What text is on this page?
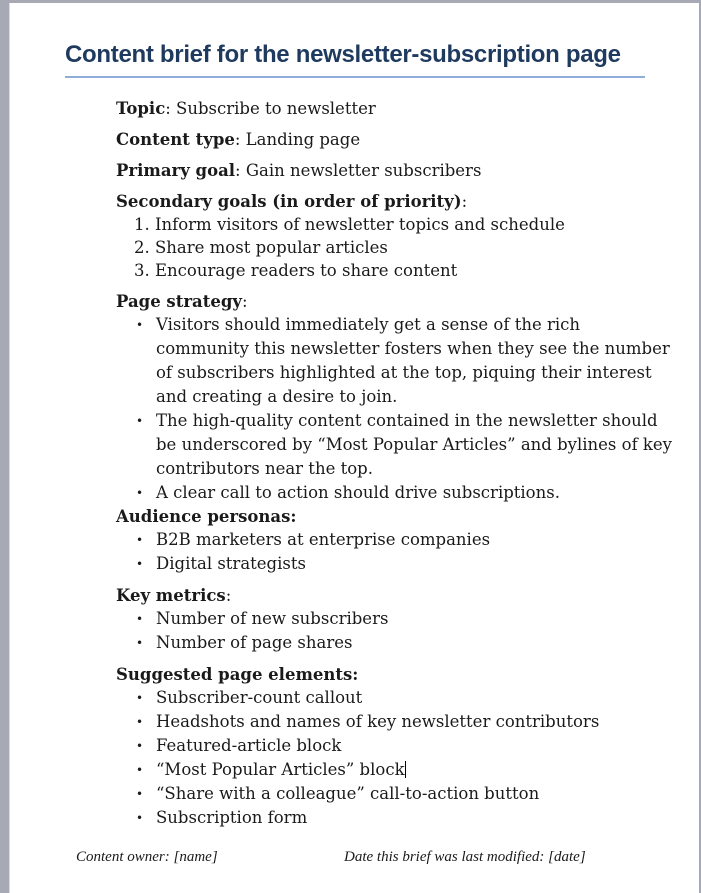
Content brief for the newsletter-subscription page

Topic: Subscribe to newsletter

Content type: Landing page

Primary goal: Gain newsletter subscribers

Secondary goals (in order of priority):
1. Inform visitors of newsletter topics and schedule
2. Share most popular articles
3. Encourage readers to share content
Page strategy:
• Visitors should immediately get a sense of the rich community this newsletter fosters when they see the number of subscribers highlighted at the top, piquing their interest and creating a desire to join.
• The high-quality content contained in the newsletter should be underscored by “Most Popular Articles” and bylines of key contributors near the top.
• A clear call to action should drive subscriptions.
Audience personas:
• B2B marketers at enterprise companies
• Digital strategists
Key metrics:
• Number of new subscribers
• Number of page shares
Suggested page elements:
• Subscriber-count callout
• Headshots and names of key newsletter contributors
• Featured-article block
• “Most Popular Articles” block
• “Share with a colleague” call-to-action button
• Subscription form
Content owner: [name]	Date this brief was last modified: [date]
